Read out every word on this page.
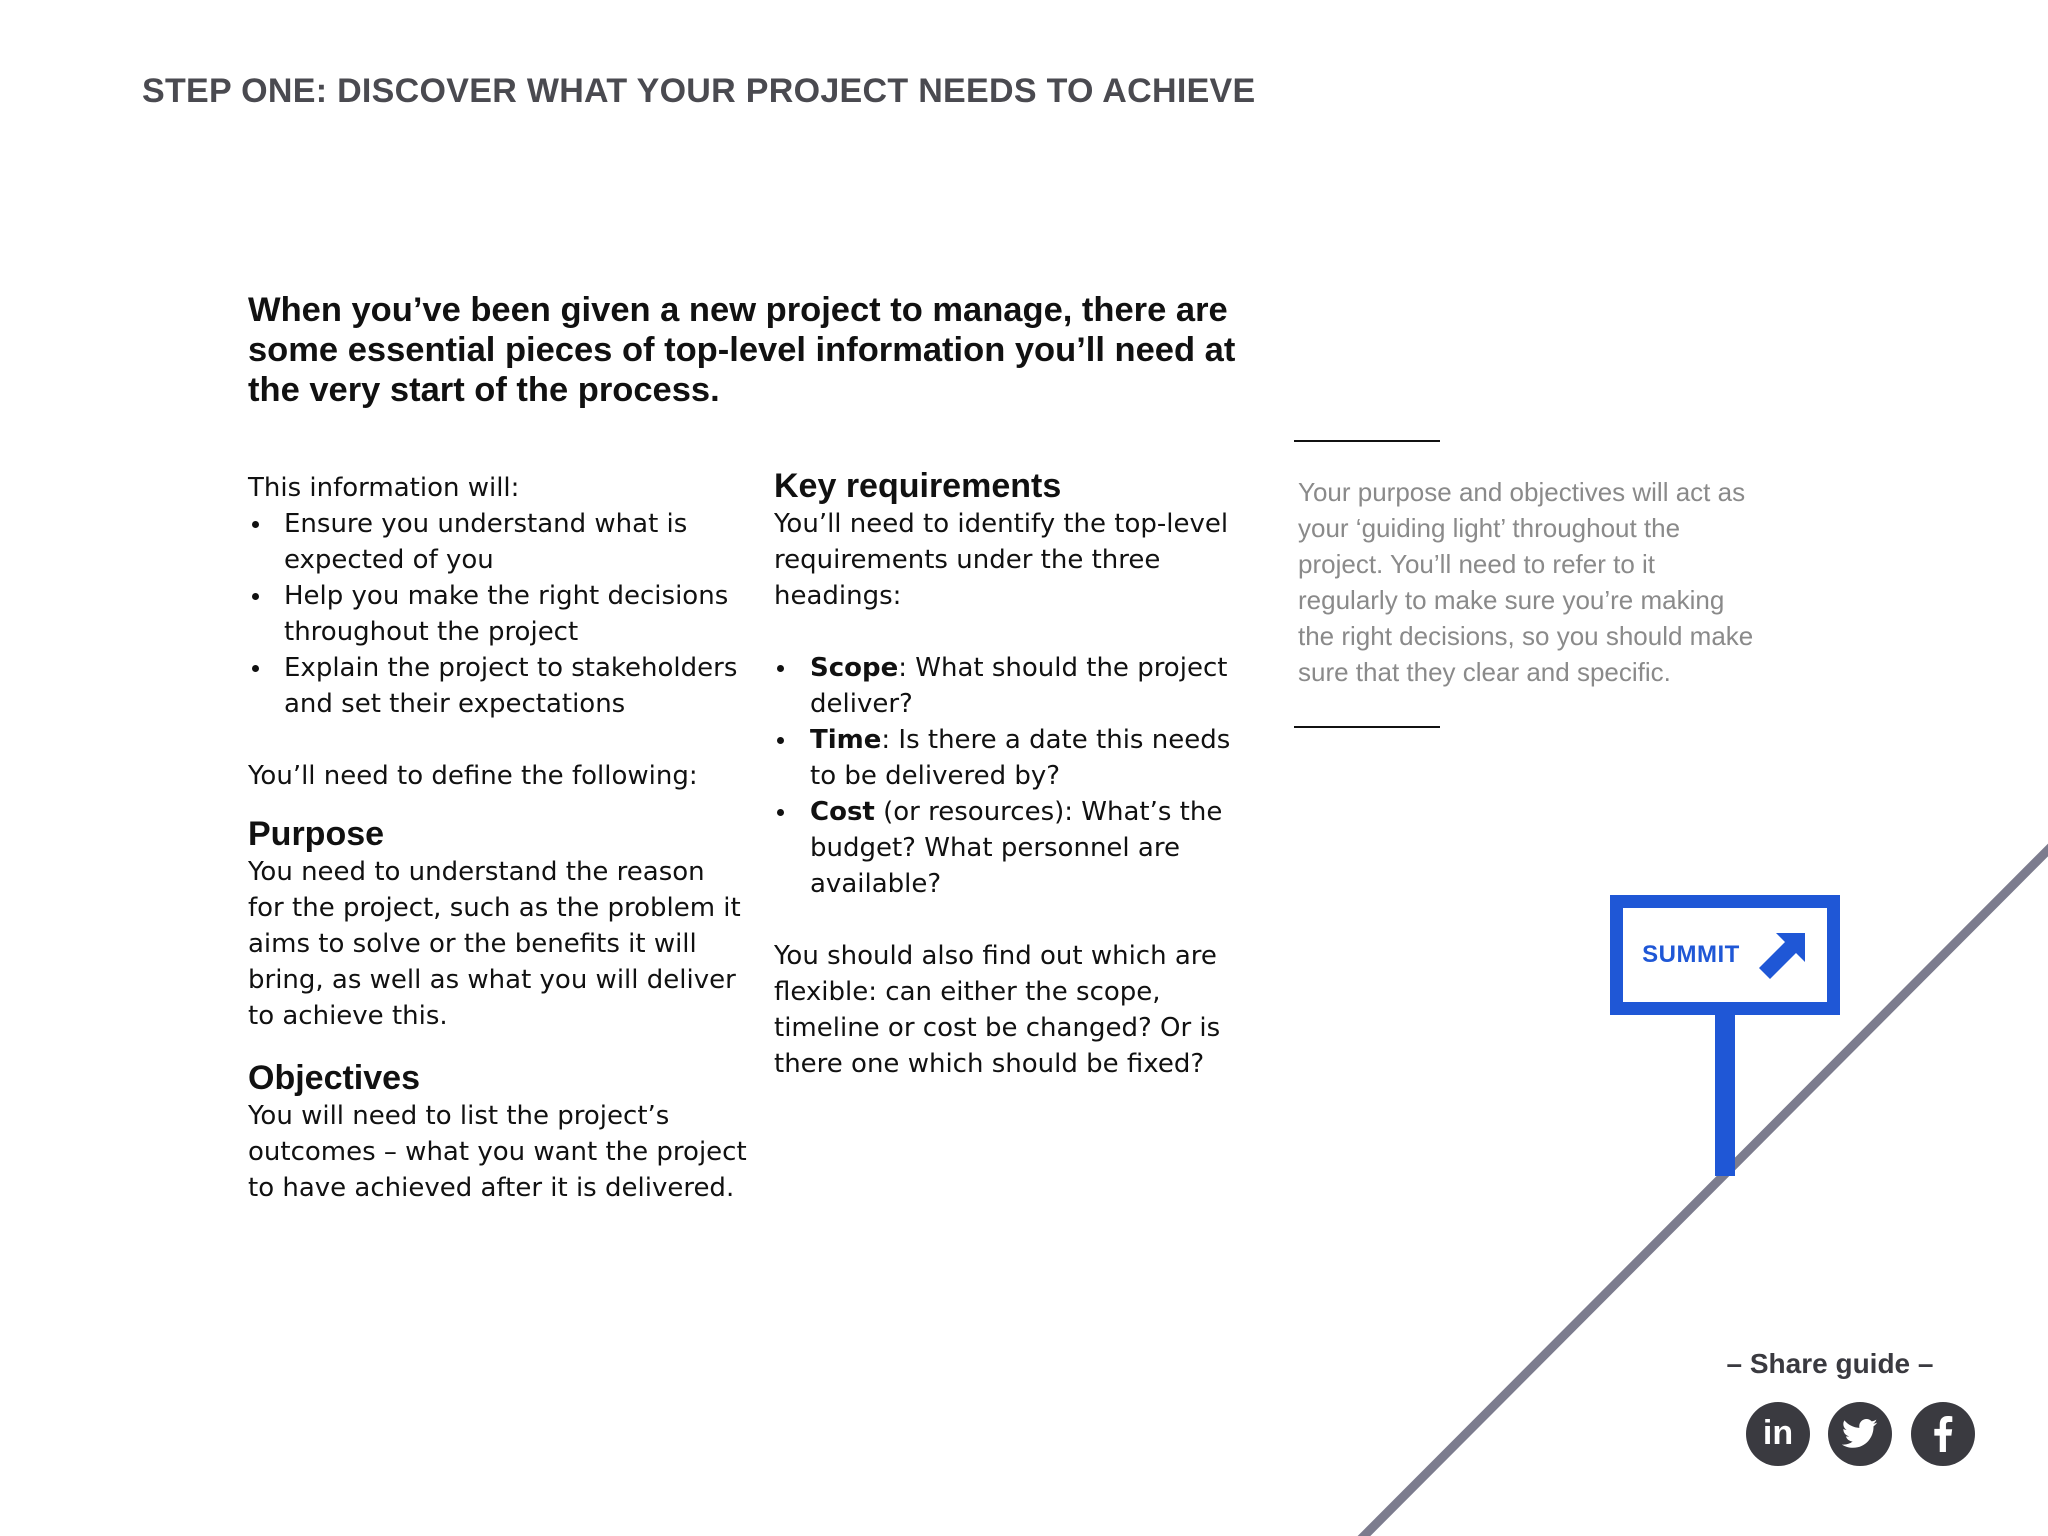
STEP ONE: DISCOVER WHAT YOUR PROJECT NEEDS TO ACHIEVE

When you’ve been given a new project to manage, there are some essential pieces of top-level information you’ll need at the very start of the process.

This information will:

Ensure you understand what is expected of you
Help you make the right decisions throughout the project
Explain the project to stakeholders and set their expectations

You’ll need to define the following:

Purpose

You need to understand the reason for the project, such as the problem it aims to solve or the benefits it will bring, as well as what you will deliver to achieve this.

Objectives

You will need to list the project’s outcomes – what you want the project to have achieved after it is delivered.

Key requirements

You’ll need to identify the top-level requirements under the three headings:

Scope: What should the project deliver?
Time: Is there a date this needs to be delivered by?
Cost (or resources): What’s the budget? What personnel are available?

You should also find out which are flexible: can either the scope, timeline or cost be changed? Or is there one which should be fixed?

Your purpose and objectives will act as your ‘guiding light’ throughout the project. You’ll need to refer to it regularly to make sure you’re making the right decisions, so you should make sure that they clear and specific.

SUMMIT
– Share guide –
in
